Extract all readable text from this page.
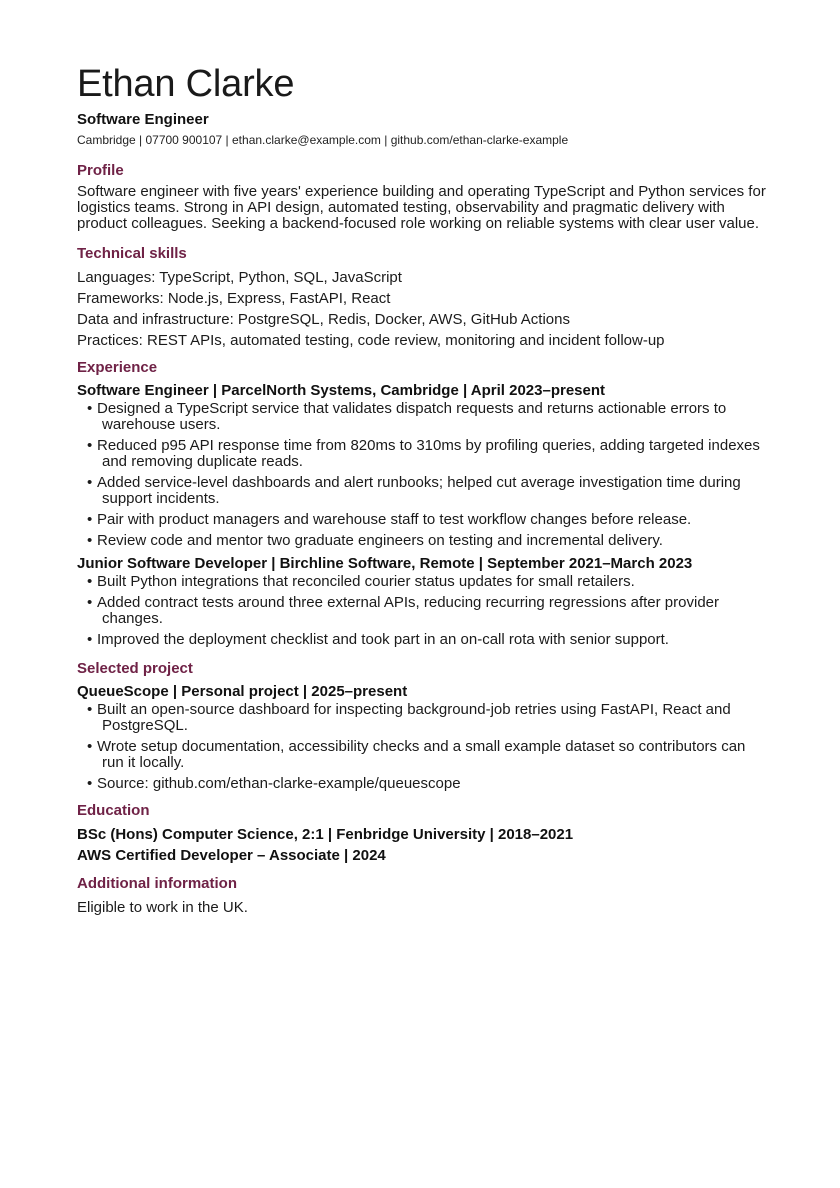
Ethan Clarke
Software Engineer
Cambridge | 07700 900107 | ethan.clarke@example.com | github.com/ethan-clarke-example
Profile

Software engineer with five years' experience building and operating TypeScript and Python services for logistics teams. Strong in API design, automated testing, observability and pragmatic delivery with product colleagues. Seeking a backend-focused role working on reliable systems with clear user value.

Technical skills
Languages: TypeScript, Python, SQL, JavaScript
Frameworks: Node.js, Express, FastAPI, React
Data and infrastructure: PostgreSQL, Redis, Docker, AWS, GitHub Actions
Practices: REST APIs, automated testing, code review, monitoring and incident follow-up
Experience
Software Engineer | ParcelNorth Systems, Cambridge | April 2023–present
• Designed a TypeScript service that validates dispatch requests and returns actionable errors to warehouse users.
• Reduced p95 API response time from 820ms to 310ms by profiling queries, adding targeted indexes and removing duplicate reads.
• Added service-level dashboards and alert runbooks; helped cut average investigation time during support incidents.
• Pair with product managers and warehouse staff to test workflow changes before release.
• Review code and mentor two graduate engineers on testing and incremental delivery.
Junior Software Developer | Birchline Software, Remote | September 2021–March 2023
• Built Python integrations that reconciled courier status updates for small retailers.
• Added contract tests around three external APIs, reducing recurring regressions after provider changes.
• Improved the deployment checklist and took part in an on-call rota with senior support.
Selected project
QueueScope | Personal project | 2025–present
• Built an open-source dashboard for inspecting background-job retries using FastAPI, React and PostgreSQL.
• Wrote setup documentation, accessibility checks and a small example dataset so contributors can run it locally.
• Source: github.com/ethan-clarke-example/queuescope
Education
BSc (Hons) Computer Science, 2:1 | Fenbridge University | 2018–2021
AWS Certified Developer – Associate | 2024
Additional information
Eligible to work in the UK.
